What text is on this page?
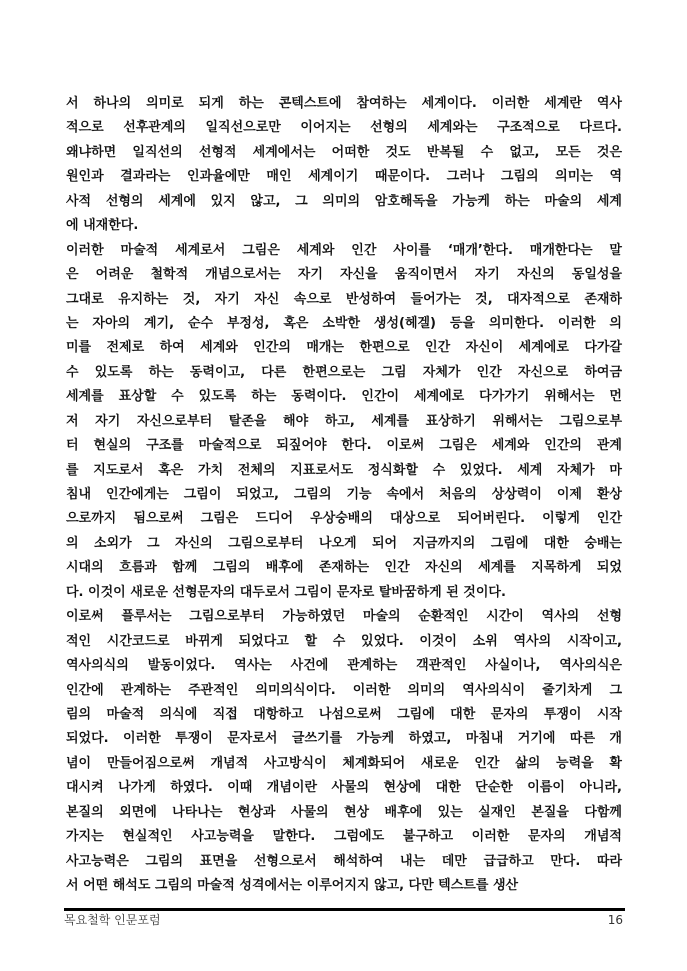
서 하나의 의미로 되게 하는 콘텍스트에 참여하는 세계이다. 이러한 세계란 역사
적으로 선후관계의 일직선으로만 이어지는 선형의 세계와는 구조적으로 다르다.
왜냐하면 일직선의 선형적 세계에서는 어떠한 것도 반복될 수 없고, 모든 것은
원인과 결과라는 인과율에만 매인 세계이기 때문이다. 그러나 그림의 의미는 역
사적 선형의 세계에 있지 않고, 그 의미의 암호해독을 가능케 하는 마술의 세계
에 내재한다.
이러한 마술적 세계로서 그림은 세계와 인간 사이를 ‘매개’한다. 매개한다는 말
은 어려운 철학적 개념으로서는 자기 자신을 움직이면서 자기 자신의 동일성을
그대로 유지하는 것, 자기 자신 속으로 반성하여 들어가는 것, 대자적으로 존재하
는 자아의 계기, 순수 부정성, 혹은 소박한 생성(헤겔) 등을 의미한다. 이러한 의
미를 전제로 하여 세계와 인간의 매개는 한편으로 인간 자신이 세계에로 다가갈
수 있도록 하는 동력이고, 다른 한편으로는 그림 자체가 인간 자신으로 하여금
세계를 표상할 수 있도록 하는 동력이다. 인간이 세계에로 다가가기 위해서는 먼
저 자기 자신으로부터 탈존을 해야 하고, 세계를 표상하기 위해서는 그림으로부
터 현실의 구조를 마술적으로 되짚어야 한다. 이로써 그림은 세계와 인간의 관계
를 지도로서 혹은 가치 전체의 지표로서도 정식화할 수 있었다. 세계 자체가 마
침내 인간에게는 그림이 되었고, 그림의 기능 속에서 처음의 상상력이 이제 환상
으로까지 됨으로써 그림은 드디어 우상숭배의 대상으로 되어버린다. 이렇게 인간
의 소외가 그 자신의 그림으로부터 나오게 되어 지금까지의 그림에 대한 숭배는
시대의 흐름과 함께 그림의 배후에 존재하는 인간 자신의 세계를 지목하게 되었
다. 이것이 새로운 선형문자의 대두로서 그림이 문자로 탈바꿈하게 된 것이다.
이로써 플루서는 그림으로부터 가능하였던 마술의 순환적인 시간이 역사의 선형
적인 시간코드로 바뀌게 되었다고 할 수 있었다. 이것이 소위 역사의 시작이고,
역사의식의 발동이었다. 역사는 사건에 관계하는 객관적인 사실이나, 역사의식은
인간에 관계하는 주관적인 의미의식이다. 이러한 의미의 역사의식이 줄기차게 그
림의 마술적 의식에 직접 대항하고 나섬으로써 그림에 대한 문자의 투쟁이 시작
되었다. 이러한 투쟁이 문자로서 글쓰기를 가능케 하였고, 마침내 거기에 따른 개
념이 만들어짐으로써 개념적 사고방식이 체계화되어 새로운 인간 삶의 능력을 확
대시켜 나가게 하였다. 이때 개념이란 사물의 현상에 대한 단순한 이름이 아니라,
본질의 외면에 나타나는 현상과 사물의 현상 배후에 있는 실재인 본질을 다함께
가지는 현실적인 사고능력을 말한다. 그럼에도 불구하고 이러한 문자의 개념적
사고능력은 그림의 표면을 선형으로서 해석하여 내는 데만 급급하고 만다. 따라
서 어떤 해석도 그림의 마술적 성격에서는 이루어지지 않고, 다만 텍스트를 생산
목요철학 인문포럼	16
